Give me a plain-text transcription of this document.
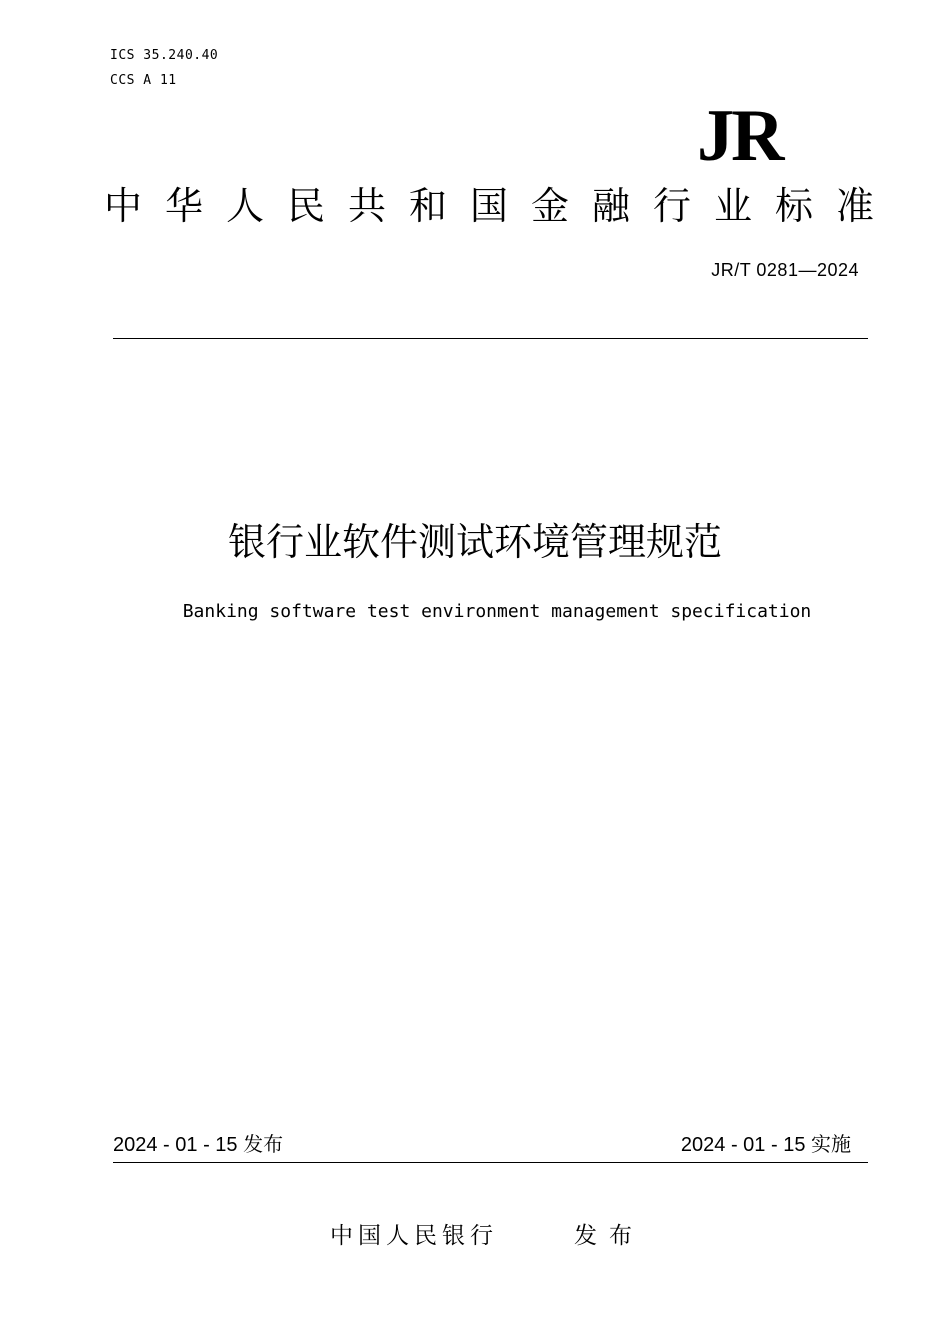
ICS 35.240.40
CCS A 11
JR
中华人民共和国金融行业标准
JR/T 0281—2024
银行业软件测试环境管理规范
Banking software test environment management specification
2024 - 01 - 15 发布	2024 - 01 - 15 实施
中国人民银行	发布
